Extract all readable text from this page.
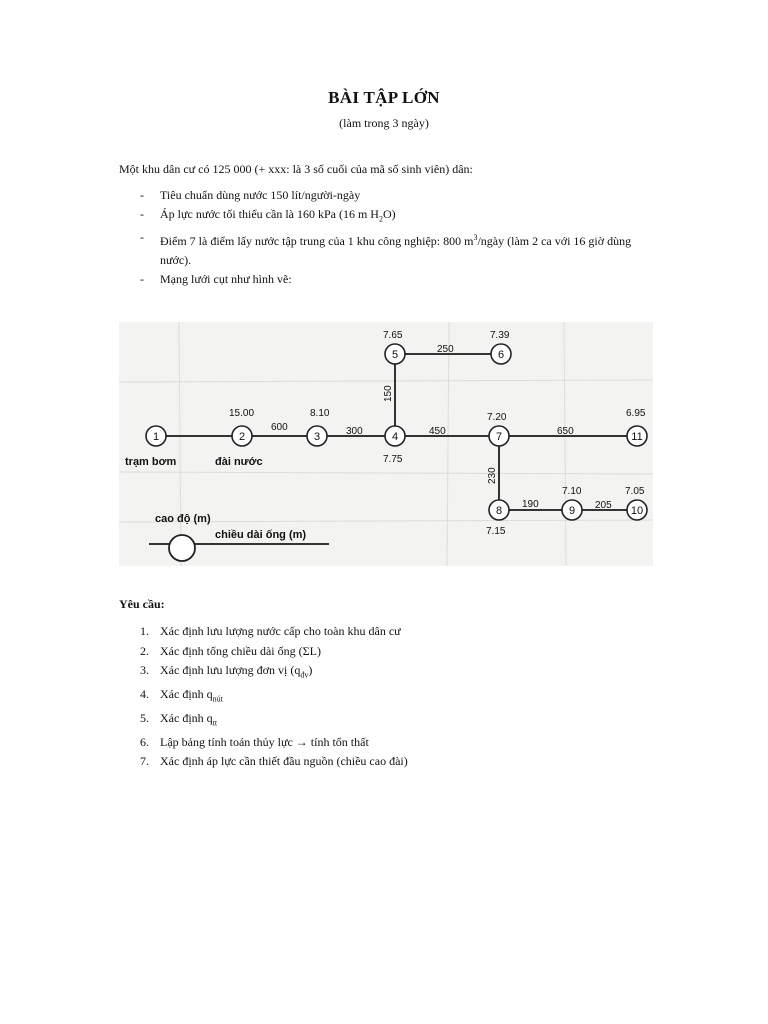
BÀI TẬP LỚN
(làm trong 3 ngày)
Một khu dân cư có 125 000 (+ xxx: là 3 số cuối của mã số sinh viên) dân:
- Tiêu chuẩn dùng nước 150 lít/người-ngày
- Áp lực nước tối thiểu cần là 160 kPa (16 m $H_2O$)
- Điểm 7 là điểm lấy nước tập trung của 1 khu công nghiệp: 800 $m^3$/ngày (làm 2 ca với 16 giờ dùng nước).
- Mạng lưới cụt như hình vẽ:
1	2	3	4
5	6
7
8	9	10
11
15.00	8.10
7.75
7.65	7.39
7.20
7.15
7.10	7.05
6.95
600	300
150
250
450	650
230
190	205
trạm bơm	đài nước
cao độ (m)
chiều dài ống (m)
Yêu cầu:
1. Xác định lưu lượng nước cấp cho toàn khu dân cư
2. Xác định tổng chiều dài ống (ΣL)
3. Xác định lưu lượng đơn vị $(q_{đv})$
4. Xác định $q_{nút}$
5. Xác định $q_{tt}$
6. Lập bảng tính toán thủy lực → tính tổn thất
7. Xác định áp lực cần thiết đầu nguồn (chiều cao đài)
